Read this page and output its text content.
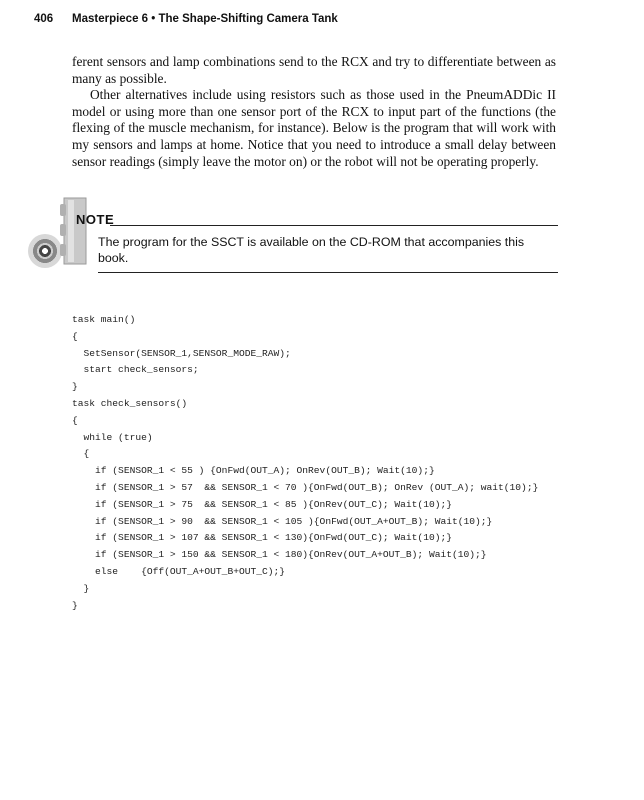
406 Masterpiece 6 • The Shape-Shifting Camera Tank

ferent sensors and lamp combinations send to the RCX and try to differentiate between as many as possible.

Other alternatives include using resistors such as those used in the PneumADDic II model or using more than one sensor port of the RCX to input part of the functions (the flexing of the muscle mechanism, for instance). Below is the program that will work with my sensors and lamps at home. Notice that you need to introduce a small delay between sensor readings (simply leave the motor on) or the robot will not be operating properly.

NOTE
The program for the SSCT is available on the CD-ROM that accompanies this book.
task main()
{
SetSensor(SENSOR_1,SENSOR_MODE_RAW);
start check_sensors;
}
task check_sensors()
{
while (true)
{
if (SENSOR_1 < 55 ) {OnFwd(OUT_A); OnRev(OUT_B); Wait(10);}
if (SENSOR_1 > 57  && SENSOR_1 < 70 ){OnFwd(OUT_B); OnRev (OUT_A); wait(10);}
if (SENSOR_1 > 75  && SENSOR_1 < 85 ){OnRev(OUT_C); Wait(10);}
if (SENSOR_1 > 90  && SENSOR_1 < 105 ){OnFwd(OUT_A+OUT_B); Wait(10);}
if (SENSOR_1 > 107 && SENSOR_1 < 130){OnFwd(OUT_C); Wait(10);}
if (SENSOR_1 > 150 && SENSOR_1 < 180){OnRev(OUT_A+OUT_B); Wait(10);}
else    {Off(OUT_A+OUT_B+OUT_C);}
}
}
